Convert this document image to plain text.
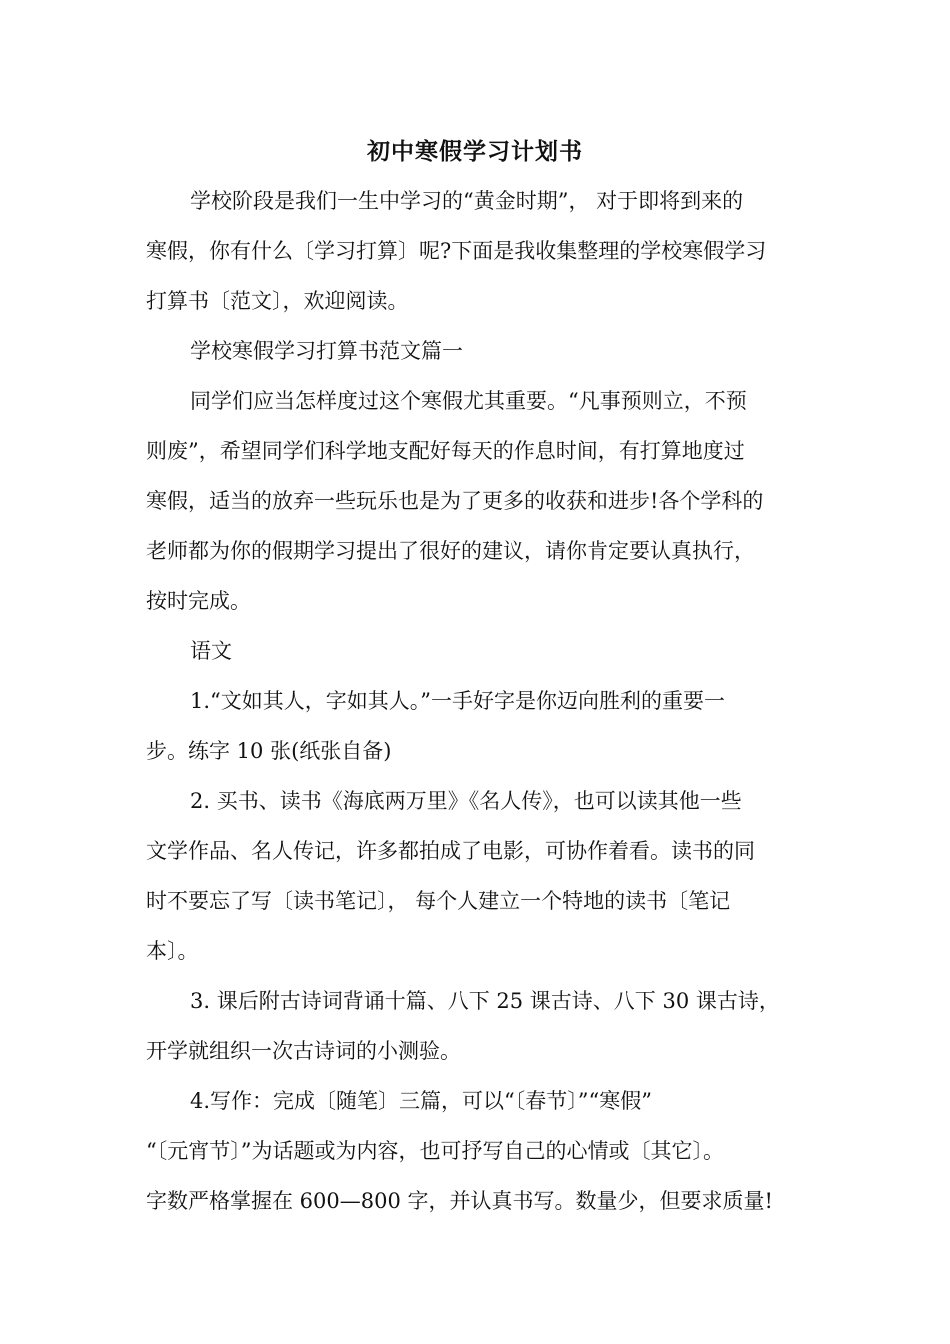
初中寒假学习计划书

学校阶段是我们一生中学习的“黄金时期”， 对于即将到来的

寒假，你有什么〔学习打算〕呢?下面是我收集整理的学校寒假学习

打算书〔范文〕，欢迎阅读。

学校寒假学习打算书范文篇一

同学们应当怎样度过这个寒假尤其重要。“凡事预则立，不预

则废”，希望同学们科学地支配好每天的作息时间，有打算地度过

寒假，适当的放弃一些玩乐也是为了更多的收获和进步!各个学科的

老师都为你的假期学习提出了很好的建议，请你肯定要认真执行，

按时完成。

语文

1.“文如其人，字如其人。”一手好字是你迈向胜利的重要一

步。练字 10 张(纸张自备)

2. 买书、读书《海底两万里》《名人传》，也可以读其他一些

文学作品、名人传记，许多都拍成了电影，可协作着看。读书的同

时不要忘了写〔读书笔记〕， 每个人建立一个特地的读书〔笔记

本〕。

3. 课后附古诗词背诵十篇、八下 25 课古诗、八下 30 课古诗，

开学就组织一次古诗词的小测验。

4.写作：完成〔随笔〕三篇，可以“〔春节〕”“寒假”

“〔元宵节〕”为话题或为内容，也可抒写自己的心情或〔其它〕。

字数严格掌握在 600—800 字，并认真书写。数量少，但要求质量!
